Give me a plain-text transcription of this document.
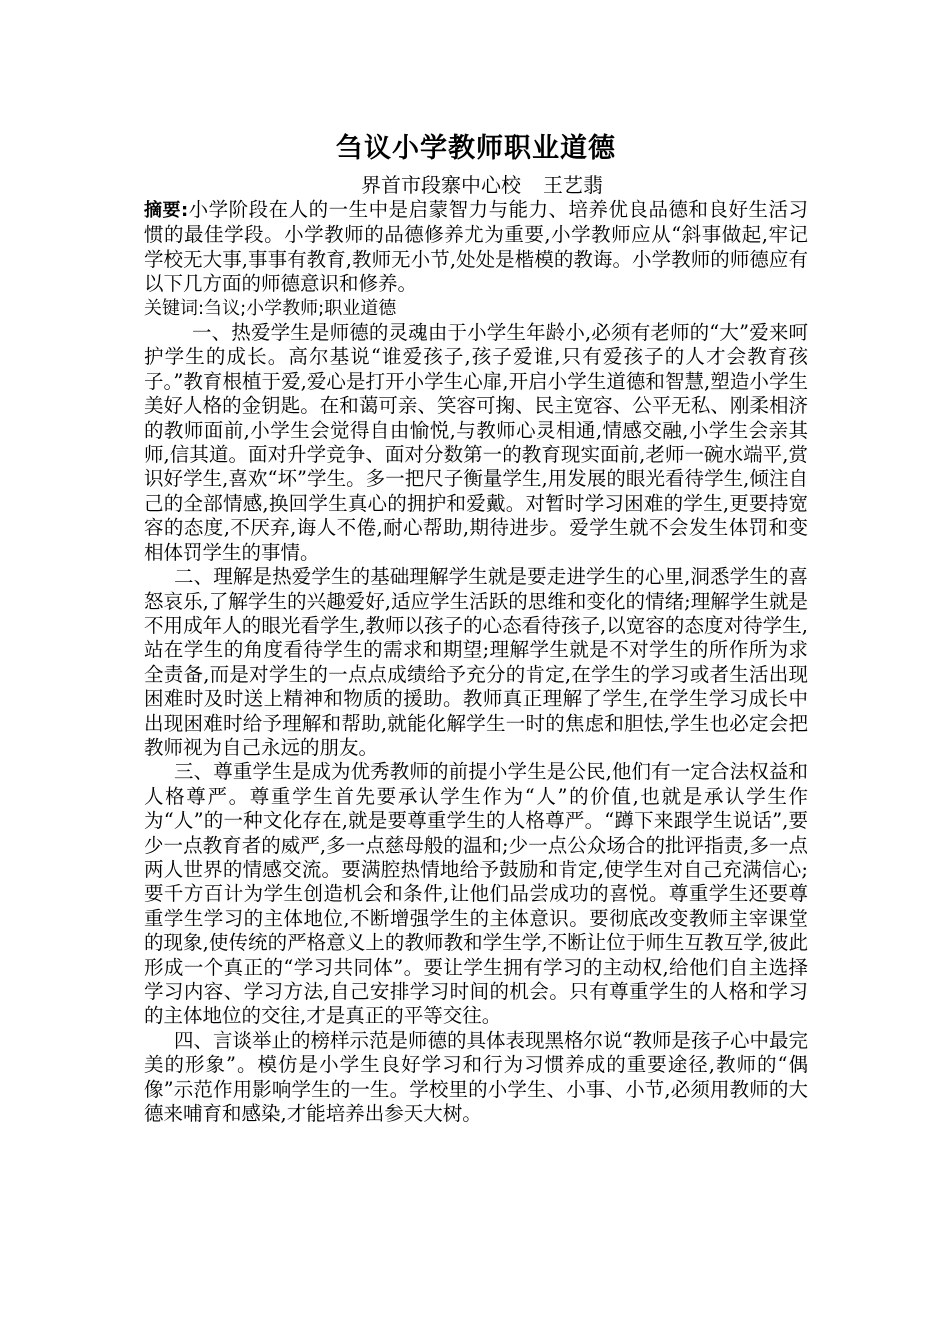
刍议小学教师职业道德

界首市段寨中心校 王艺翡

摘要:小学阶段在人的一生中是启蒙智力与能力、培养优良品德和良好生活习惯的最佳学段。小学教师的品德修养尤为重要,小学教师应从“斜事做起,牢记学校无大事,事事有教育,教师无小节,处处是楷模的教诲。小学教师的师德应有以下几方面的师德意识和修养。

关键词:刍议;小学教师;职业道德

一、热爱学生是师德的灵魂由于小学生年龄小,必须有老师的“大”爱来呵护学生的成长。高尔基说“谁爱孩子,孩子爱谁,只有爱孩子的人才会教育孩子。”教育根植于爱,爱心是打开小学生心扉,开启小学生道德和智慧,塑造小学生美好人格的金钥匙。在和蔼可亲、笑容可掬、民主宽容、公平无私、刚柔相济的教师面前,小学生会觉得自由愉悦,与教师心灵相通,情感交融,小学生会亲其师,信其道。面对升学竞争、面对分数第一的教育现实面前,老师一碗水端平,赏识好学生,喜欢“坏”学生。多一把尺子衡量学生,用发展的眼光看待学生,倾注自己的全部情感,换回学生真心的拥护和爱戴。对暂时学习困难的学生,更要持宽容的态度,不厌弃,诲人不倦,耐心帮助,期待进步。爱学生就不会发生体罚和变相体罚学生的事情。

二、理解是热爱学生的基础理解学生就是要走进学生的心里,洞悉学生的喜怒哀乐,了解学生的兴趣爱好,适应学生活跃的思维和变化的情绪;理解学生就是不用成年人的眼光看学生,教师以孩子的心态看待孩子,以宽容的态度对待学生,站在学生的角度看待学生的需求和期望;理解学生就是不对学生的所作所为求全责备,而是对学生的一点点成绩给予充分的肯定,在学生的学习或者生活出现困难时及时送上精神和物质的援助。教师真正理解了学生,在学生学习成长中出现困难时给予理解和帮助,就能化解学生一时的焦虑和胆怯,学生也必定会把教师视为自己永远的朋友。

三、尊重学生是成为优秀教师的前提小学生是公民,他们有一定合法权益和人格尊严。尊重学生首先要承认学生作为“人”的价值,也就是承认学生作为“人”的一种文化存在,就是要尊重学生的人格尊严。“蹲下来跟学生说话”,要少一点教育者的威严,多一点慈母般的温和;少一点公众场合的批评指责,多一点两人世界的情感交流。要满腔热情地给予鼓励和肯定,使学生对自己充满信心;要千方百计为学生创造机会和条件,让他们品尝成功的喜悦。尊重学生还要尊重学生学习的主体地位,不断增强学生的主体意识。要彻底改变教师主宰课堂的现象,使传统的严格意义上的教师教和学生学,不断让位于师生互教互学,彼此形成一个真正的“学习共同体”。要让学生拥有学习的主动权,给他们自主选择学习内容、学习方法,自己安排学习时间的机会。只有尊重学生的人格和学习的主体地位的交往,才是真正的平等交往。

四、言谈举止的榜样示范是师德的具体表现黑格尔说“教师是孩子心中最完美的形象”。模仿是小学生良好学习和行为习惯养成的重要途径,教师的“偶像”示范作用影响学生的一生。学校里的小学生、小事、小节,必须用教师的大德来哺育和感染,才能培养出参天大树。
